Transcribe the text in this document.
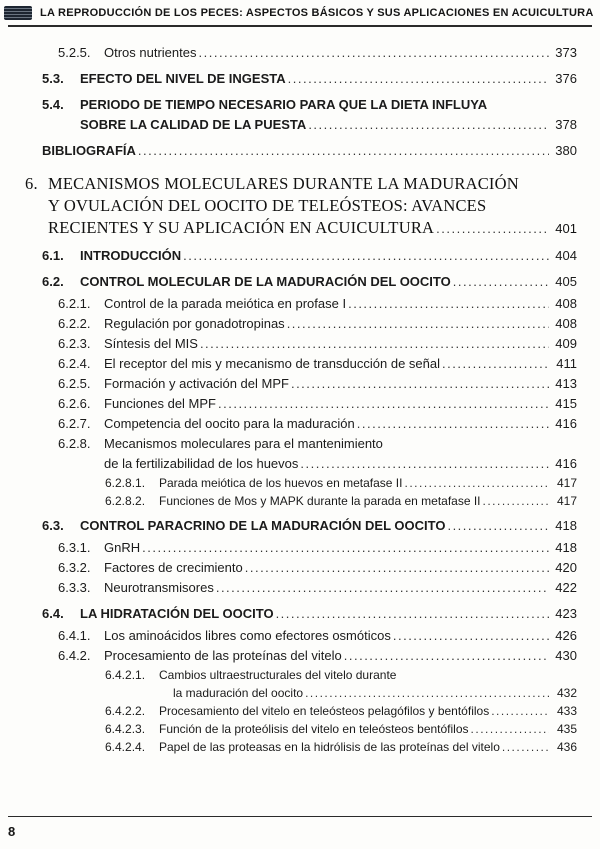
LA REPRODUCCIÓN DE LOS PECES: ASPECTOS BÁSICOS Y SUS APLICACIONES EN ACUICULTURA
5.2.5.	Otros nutrientes .....	373
5.3.	EFECTO DEL NIVEL DE INGESTA .....	376
5.4.	PERIODO DE TIEMPO NECESARIO PARA QUE LA DIETA INFLUYA
SOBRE LA CALIDAD DE LA PUESTA .....	378
BIBLIOGRAFÍA .....	380
6. MECANISMOS MOLECULARES DURANTE LA MADURACIÓN
Y OVULACIÓN DEL OOCITO DE TELEÓSTEOS: AVANCES
RECIENTES Y SU APLICACIÓN EN ACUICULTURA .....	401
6.1.	INTRODUCCIÓN .....	404
6.2.	CONTROL MOLECULAR DE LA MADURACIÓN DEL OOCITO .....	405
6.2.1.	Control de la parada meiótica en profase I .....	408
6.2.2.	Regulación por gonadotropinas .....	408
6.2.3.	Síntesis del MIS .....	409
6.2.4.	El receptor del mis y mecanismo de transducción de señal .....	411
6.2.5.	Formación y activación del MPF .....	413
6.2.6.	Funciones del MPF .....	415
6.2.7.	Competencia del oocito para la maduración .....	416
6.2.8.	Mecanismos moleculares para el mantenimiento
de la fertilizabilidad de los huevos .....	416
6.2.8.1.	Parada meiótica de los huevos en metafase II .....	417
6.2.8.2.	Funciones de Mos y MAPK durante la parada en metafase II .....	417
6.3.	CONTROL PARACRINO DE LA MADURACIÓN DEL OOCITO .....	418
6.3.1.	GnRH .....	418
6.3.2.	Factores de crecimiento .....	420
6.3.3.	Neurotransmisores .....	422
6.4.	LA HIDRATACIÓN DEL OOCITO .....	423
6.4.1.	Los aminoácidos libres como efectores osmóticos .....	426
6.4.2.	Procesamiento de las proteínas del vitelo .....	430
6.4.2.1.	Cambios ultraestructurales del vitelo durante
la maduración del oocito .....	432
6.4.2.2.	Procesamiento del vitelo en teleósteos pelagófilos y bentófilos .....	433
6.4.2.3.	Función de la proteólisis del vitelo en teleósteos bentófilos .....	435
6.4.2.4.	Papel de las proteasas en la hidrólisis de las proteínas del vitelo .....	436
8
